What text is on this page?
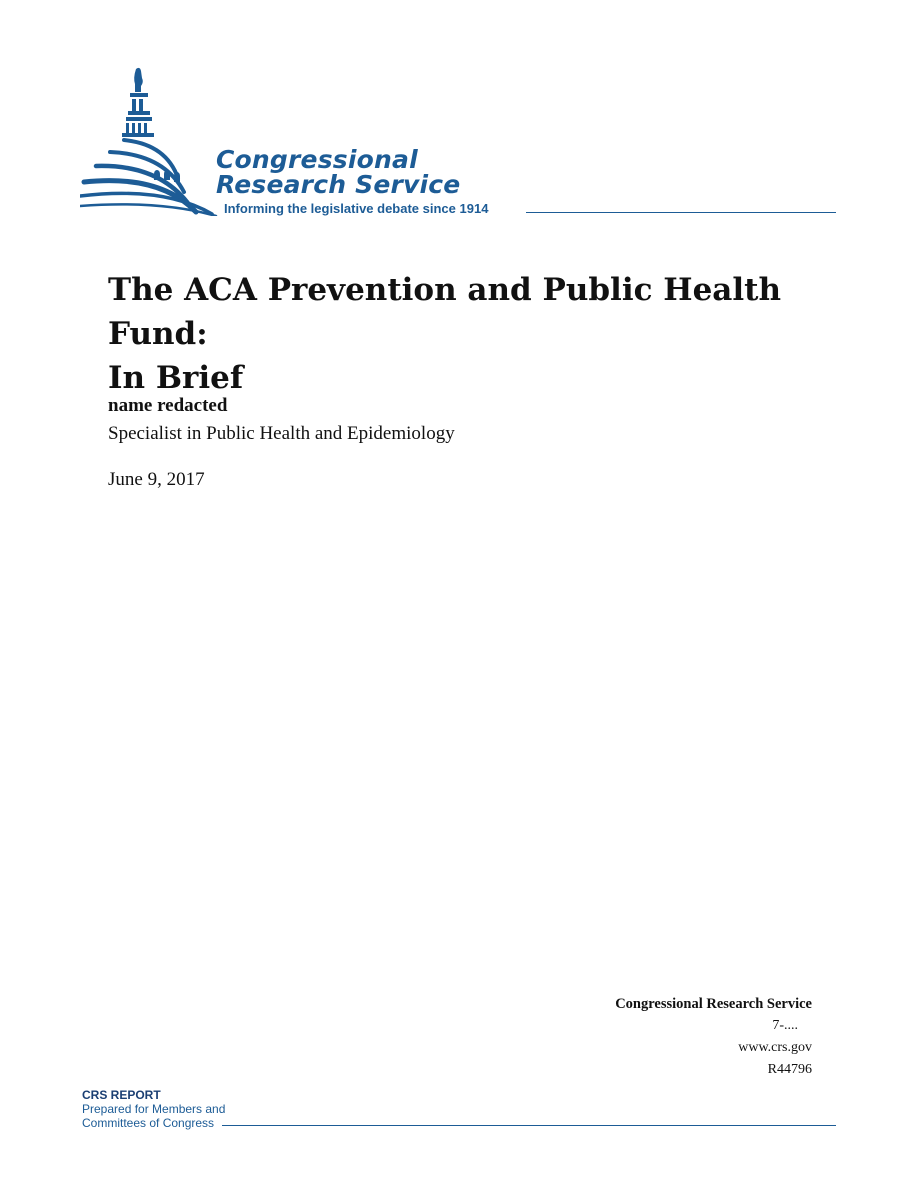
Congressional
Research Service
Informing the legislative debate since 1914
The ACA Prevention and Public Health Fund:
In Brief
name redacted
Specialist in Public Health and Epidemiology
June 9, 2017
Congressional Research Service
7-....
www.crs.gov
R44796
CRS REPORT
Prepared for Members and
Committees of Congress
